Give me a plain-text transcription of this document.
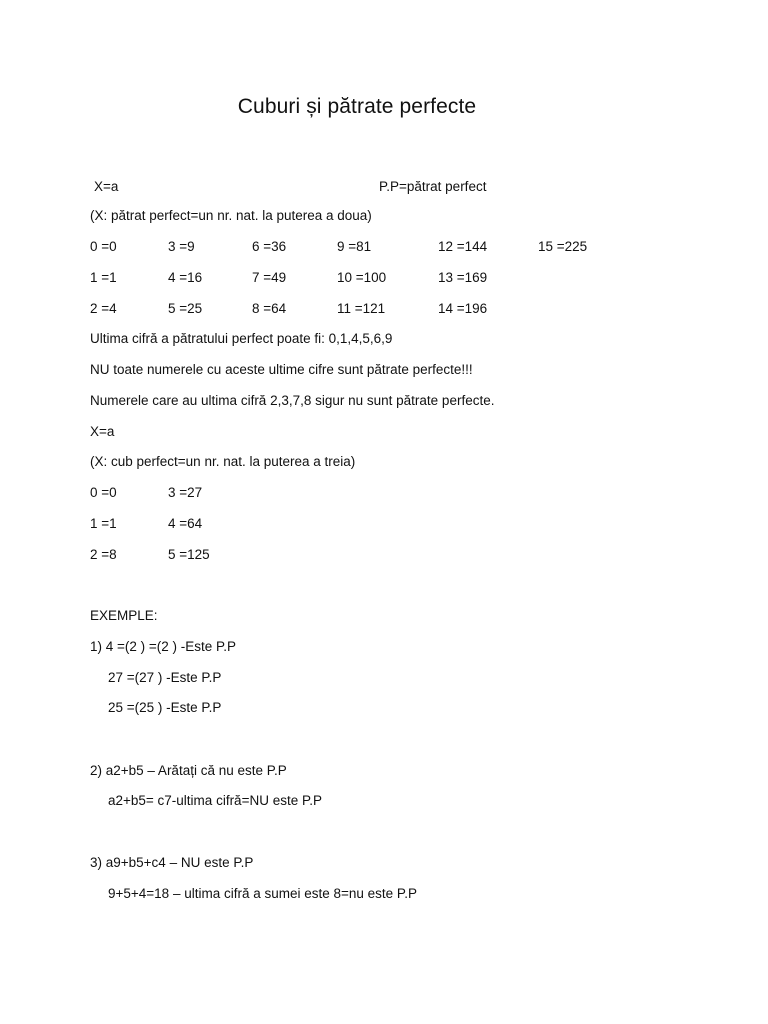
Cuburi și pătrate perfecte
X=a	P.P=pătrat perfect
(X: pătrat perfect=un nr. nat. la puterea a doua)
0 =0	3 =9	6 =36	9 =81	12 =144	15 =225
1 =1	4 =16	7 =49	10 =100	13 =169
2 =4	5 =25	8 =64	11 =121	14 =196
Ultima cifră a pătratului perfect poate fi: 0,1,4,5,6,9
NU toate numerele cu aceste ultime cifre sunt pătrate perfecte!!!
Numerele care au ultima cifră 2,3,7,8 sigur nu sunt pătrate perfecte.
X=a
(X: cub perfect=un nr. nat. la puterea a treia)
0 =0	3 =27
1 =1	4 =64
2 =8	5 =125
EXEMPLE:
1) 4 =(2 ) =(2 ) -Este P.P
27 =(27 ) -Este P.P
25 =(25 ) -Este P.P
2) a2+b5 – Arătați că nu este P.P
a2+b5= c7-ultima cifră=NU este P.P
3) a9+b5+c4 – NU este P.P
9+5+4=18 – ultima cifră a sumei este 8=nu este P.P
